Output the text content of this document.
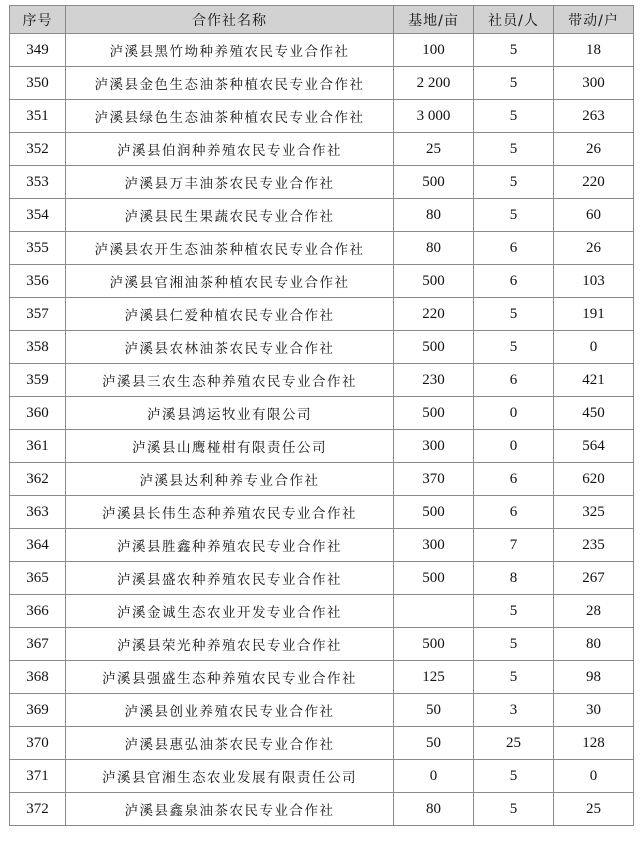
序号	合作社名称	基地/亩	社员/人	带动/户
349	泸溪县黑竹坳种养殖农民专业合作社	100	5	18
350	泸溪县金色生态油茶种植农民专业合作社	2 200	5	300
351	泸溪县绿色生态油茶种植农民专业合作社	3 000	5	263
352	泸溪县伯润种养殖农民专业合作社	25	5	26
353	泸溪县万丰油茶农民专业合作社	500	5	220
354	泸溪县民生果蔬农民专业合作社	80	5	60
355	泸溪县农开生态油茶种植农民专业合作社	80	6	26
356	泸溪县官湘油茶种植农民专业合作社	500	6	103
357	泸溪县仁爱种植农民专业合作社	220	5	191
358	泸溪县农林油茶农民专业合作社	500	5	0
359	泸溪县三农生态种养殖农民专业合作社	230	6	421
360	泸溪县鸿运牧业有限公司	500	0	450
361	泸溪县山鹰椪柑有限责任公司	300	0	564
362	泸溪县达利种养专业合作社	370	6	620
363	泸溪县长伟生态种养殖农民专业合作社	500	6	325
364	泸溪县胜鑫种养殖农民专业合作社	300	7	235
365	泸溪县盛农种养殖农民专业合作社	500	8	267
366	泸溪金诚生态农业开发专业合作社		5	28
367	泸溪县荣光种养殖农民专业合作社	500	5	80
368	泸溪县强盛生态种养殖农民专业合作社	125	5	98
369	泸溪县创业养殖农民专业合作社	50	3	30
370	泸溪县惠弘油茶农民专业合作社	50	25	128
371	泸溪县官湘生态农业发展有限责任公司	0	5	0
372	泸溪县鑫泉油茶农民专业合作社	80	5	25
